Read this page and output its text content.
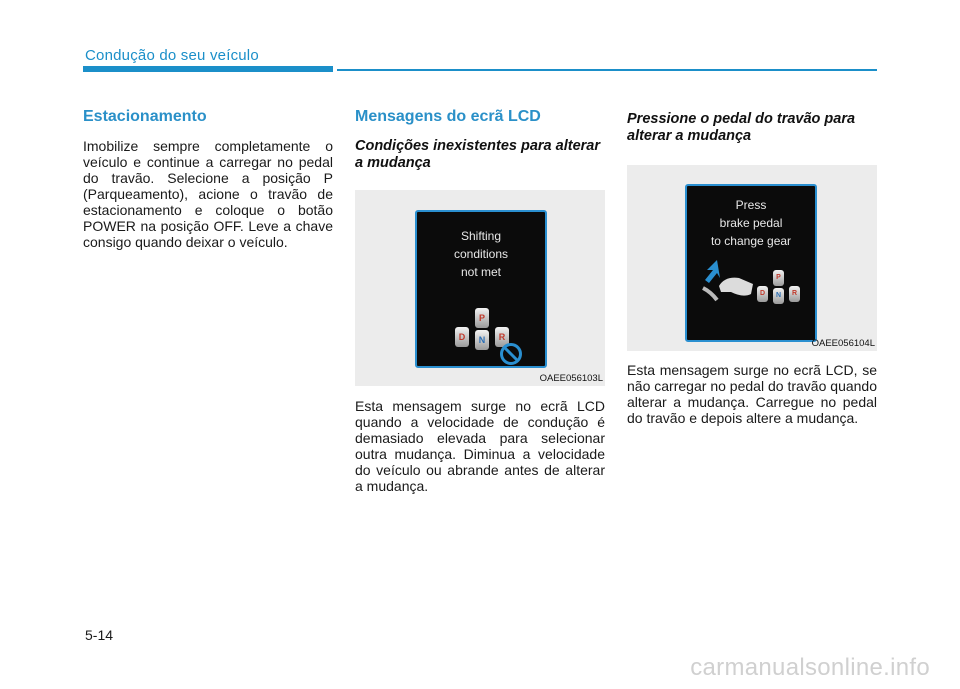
Condução do seu veículo
Estacionamento

Imobilize sempre completamente o veículo e continue a carregar no pedal do travão. Selecione a posição P (Parqueamento), acione o travão de estacionamento e coloque o botão POWER na posição OFF. Leve a chave consigo quando deixar o veículo.

Mensagens do ecrã LCD
Condições inexistentes para alterar a mudança
Shifting
conditions
not met
P
D	N	R
OAEE056103L

Esta mensagem surge no ecrã LCD quando a velocidade de condução é demasiado elevada para selecionar outra mudança. Diminua a velocidade do veículo ou abrande antes de alterar a mudança.

Pressione o pedal do travão para alterar a mudança
Press
brake pedal
to change gear
P
D	N	R
OAEE056104L

Esta mensagem surge no ecrã LCD, se não carregar no pedal do travão quando alterar a mudança. Carregue no pedal do travão e depois altere a mudança.

5-14
carmanualsonline.info
